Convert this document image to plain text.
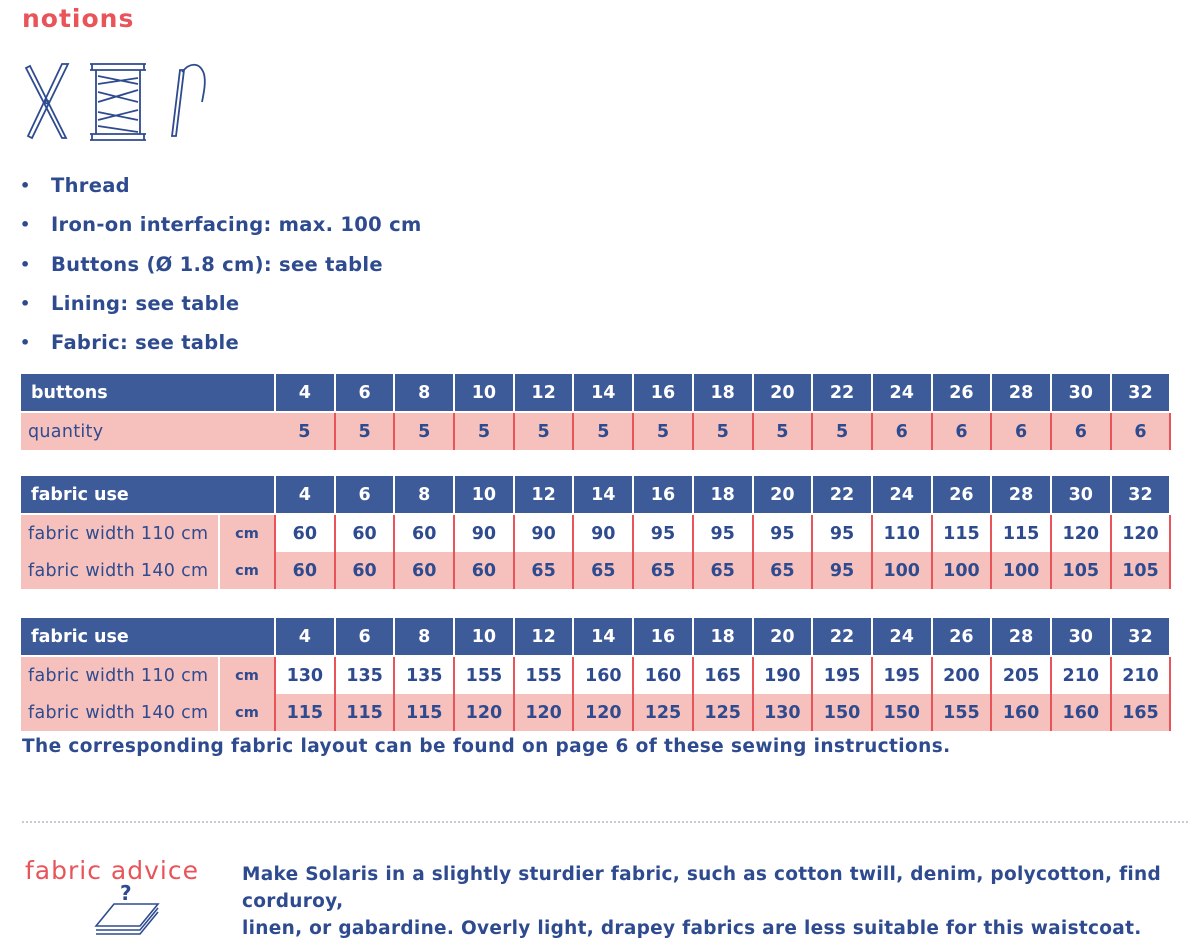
notions
•	Thread
•	Iron-on interfacing: max. 100 cm
•	Buttons (Ø 1.8 cm): see table
•	Lining: see table
•	Fabric: see table
buttons	4	6	8	10	12	14	16	18	20	22	24	26	28	30	32

quantity	5	5	5	5	5	5	5	5	5	5	6	6	6	6	6
fabric use		4	6	8	10	12	14	16	18	20	22	24	26	28	30	32

fabric width 110 cm	cm	60	60	60	90	90	90	95	95	95	95	110	115	115	120	120
fabric width 140 cm	cm	60	60	60	60	65	65	65	65	65	95	100	100	100	105	105
fabric use		4	6	8	10	12	14	16	18	20	22	24	26	28	30	32

fabric width 110 cm	cm	130	135	135	155	155	160	160	165	190	195	195	200	205	210	210
fabric width 140 cm	cm	115	115	115	120	120	120	125	125	130	150	150	155	160	160	165
The corresponding fabric layout can be found on page 6 of these sewing instructions.
fabric advice
?
Make Solaris in a slightly sturdier fabric, such as cotton twill, denim, polycotton, find corduroy,
linen, or gabardine. Overly light, drapey fabrics are less suitable for this waistcoat.
